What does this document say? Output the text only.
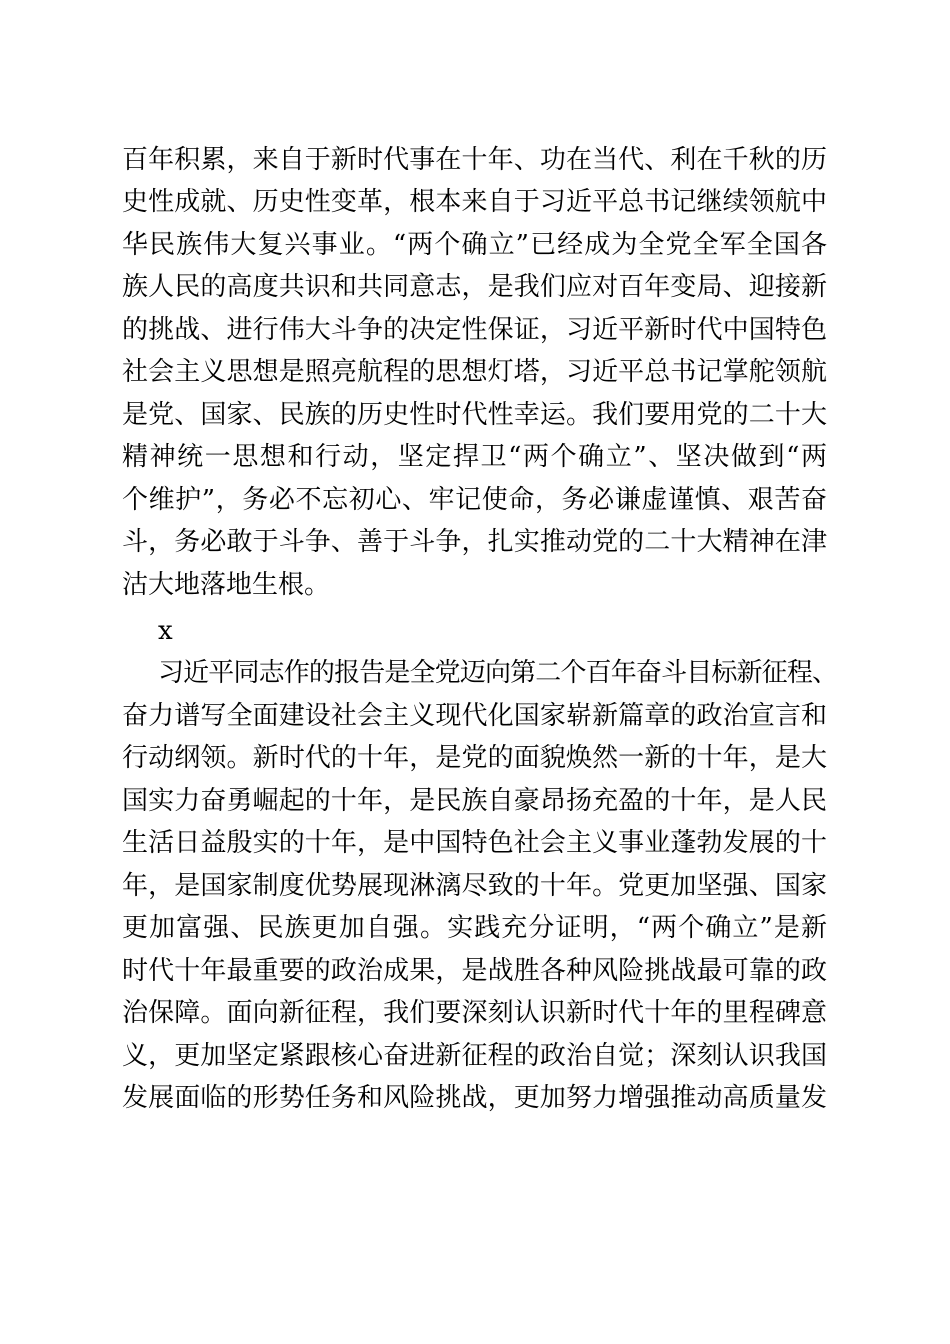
百年积累，来自于新时代事在十年、功在当代、利在千秋的历
史性成就、历史性变革，根本来自于习近平总书记继续领航中
华民族伟大复兴事业。“两个确立”已经成为全党全军全国各
族人民的高度共识和共同意志，是我们应对百年变局、迎接新
的挑战、进行伟大斗争的决定性保证，习近平新时代中国特色
社会主义思想是照亮航程的思想灯塔，习近平总书记掌舵领航
是党、国家、民族的历史性时代性幸运。我们要用党的二十大
精神统一思想和行动，坚定捍卫“两个确立”、坚决做到“两
个维护”，务必不忘初心、牢记使命，务必谦虚谨慎、艰苦奋
斗，务必敢于斗争、善于斗争，扎实推动党的二十大精神在津
沽大地落地生根。
x
习近平同志作的报告是全党迈向第二个百年奋斗目标新征程、
奋力谱写全面建设社会主义现代化国家崭新篇章的政治宣言和
行动纲领。新时代的十年，是党的面貌焕然一新的十年，是大
国实力奋勇崛起的十年，是民族自豪昂扬充盈的十年，是人民
生活日益殷实的十年，是中国特色社会主义事业蓬勃发展的十
年，是国家制度优势展现淋漓尽致的十年。党更加坚强、国家
更加富强、民族更加自强。实践充分证明，“两个确立”是新
时代十年最重要的政治成果，是战胜各种风险挑战最可靠的政
治保障。面向新征程，我们要深刻认识新时代十年的里程碑意
义，更加坚定紧跟核心奋进新征程的政治自觉；深刻认识我国
发展面临的形势任务和风险挑战，更加努力增强推动高质量发
